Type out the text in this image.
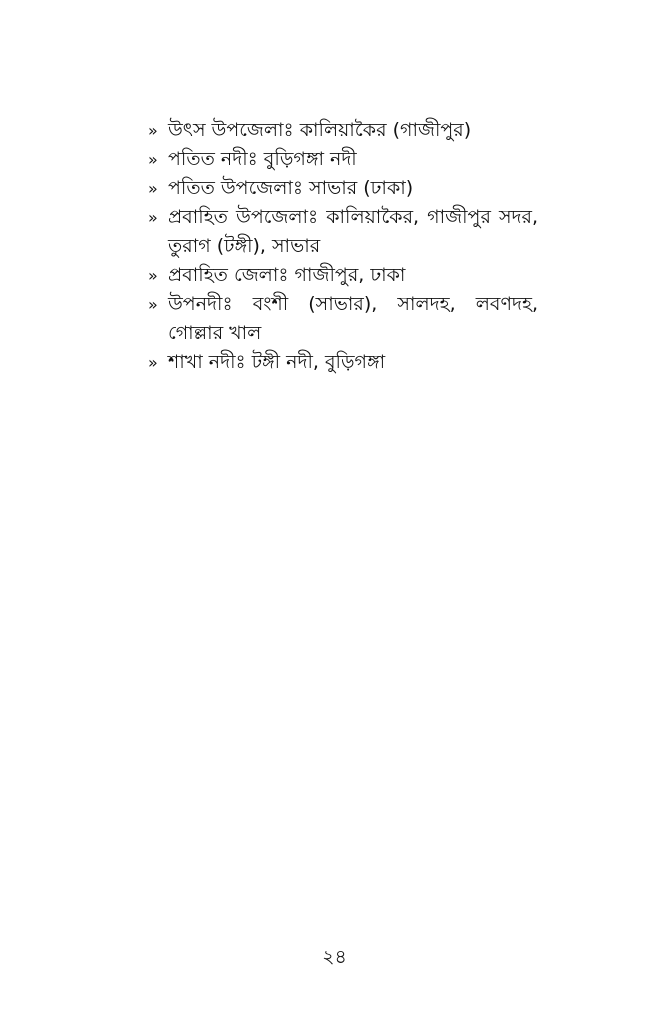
» উৎস উপজেলাঃ কালিয়াকৈর (গাজীপুর)
» পতিত নদীঃ বুড়িগঙ্গা নদী
» পতিত উপজেলাঃ সাভার (ঢাকা)
» প্রবাহিত উপজেলাঃ কালিয়াকৈর, গাজীপুর সদর, তুরাগ (টঙ্গী), সাভার
» প্রবাহিত জেলাঃ গাজীপুর, ঢাকা
» উপনদীঃ বংশী (সাভার), সালদহ, লবণদহ, গোল্লার খাল
» শাখা নদীঃ টঙ্গী নদী, বুড়িগঙ্গা
২৪
